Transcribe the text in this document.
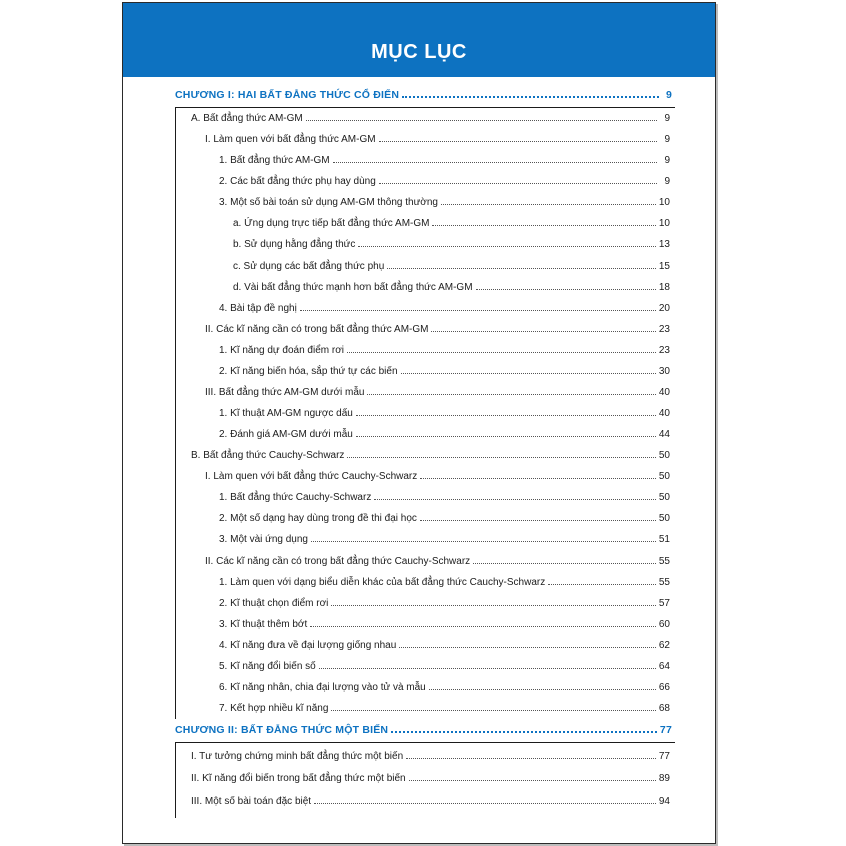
MỤC LỤC
CHƯƠNG I: HAI BẤT ĐẲNG THỨC CỔ ĐIỂN	9
A. Bất đẳng thức AM-GM	9
I. Làm quen với bất đẳng thức AM-GM	9
1. Bất đẳng thức AM-GM	9
2. Các bất đẳng thức phụ hay dùng	9
3. Một số bài toán sử dụng AM-GM thông thường	10
a. Ứng dụng trực tiếp bất đẳng thức AM-GM	10
b. Sử dụng hằng đẳng thức	13
c. Sử dụng các bất đẳng thức phụ	15
d. Vài bất đẳng thức mạnh hơn bất đẳng thức AM-GM	18
4. Bài tập đề nghị	20
II. Các kĩ năng cần có trong bất đẳng thức AM-GM	23
1. Kĩ năng dự đoán điểm rơi	23
2. Kĩ năng biến hóa, sắp thứ tự các biến	30
III. Bất đẳng thức AM-GM dưới mẫu	40
1. Kĩ thuật AM-GM ngược dấu	40
2. Đánh giá AM-GM dưới mẫu	44
B. Bất đẳng thức Cauchy-Schwarz	50
I. Làm quen với bất đẳng thức Cauchy-Schwarz	50
1. Bất đẳng thức Cauchy-Schwarz	50
2. Một số dạng hay dùng trong đề thi đại học	50
3. Một vài ứng dụng	51
II. Các kĩ năng cần có trong bất đẳng thức Cauchy-Schwarz	55
1. Làm quen với dạng biểu diễn khác của bất đẳng thức Cauchy-Schwarz	55
2. Kĩ thuật chọn điểm rơi	57
3. Kĩ thuật thêm bớt	60
4. Kĩ năng đưa về đại lượng giống nhau	62
5. Kĩ năng đổi biến số	64
6. Kĩ năng nhân, chia đại lượng vào tử và mẫu	66
7. Kết hợp nhiều kĩ năng	68
CHƯƠNG II: BẤT ĐẲNG THỨC MỘT BIẾN	77
I. Tư tưởng chứng minh bất đẳng thức một biến	77
II. Kĩ năng đổi biến trong bất đẳng thức một biến	89
III. Một số bài toán đặc biệt	94
